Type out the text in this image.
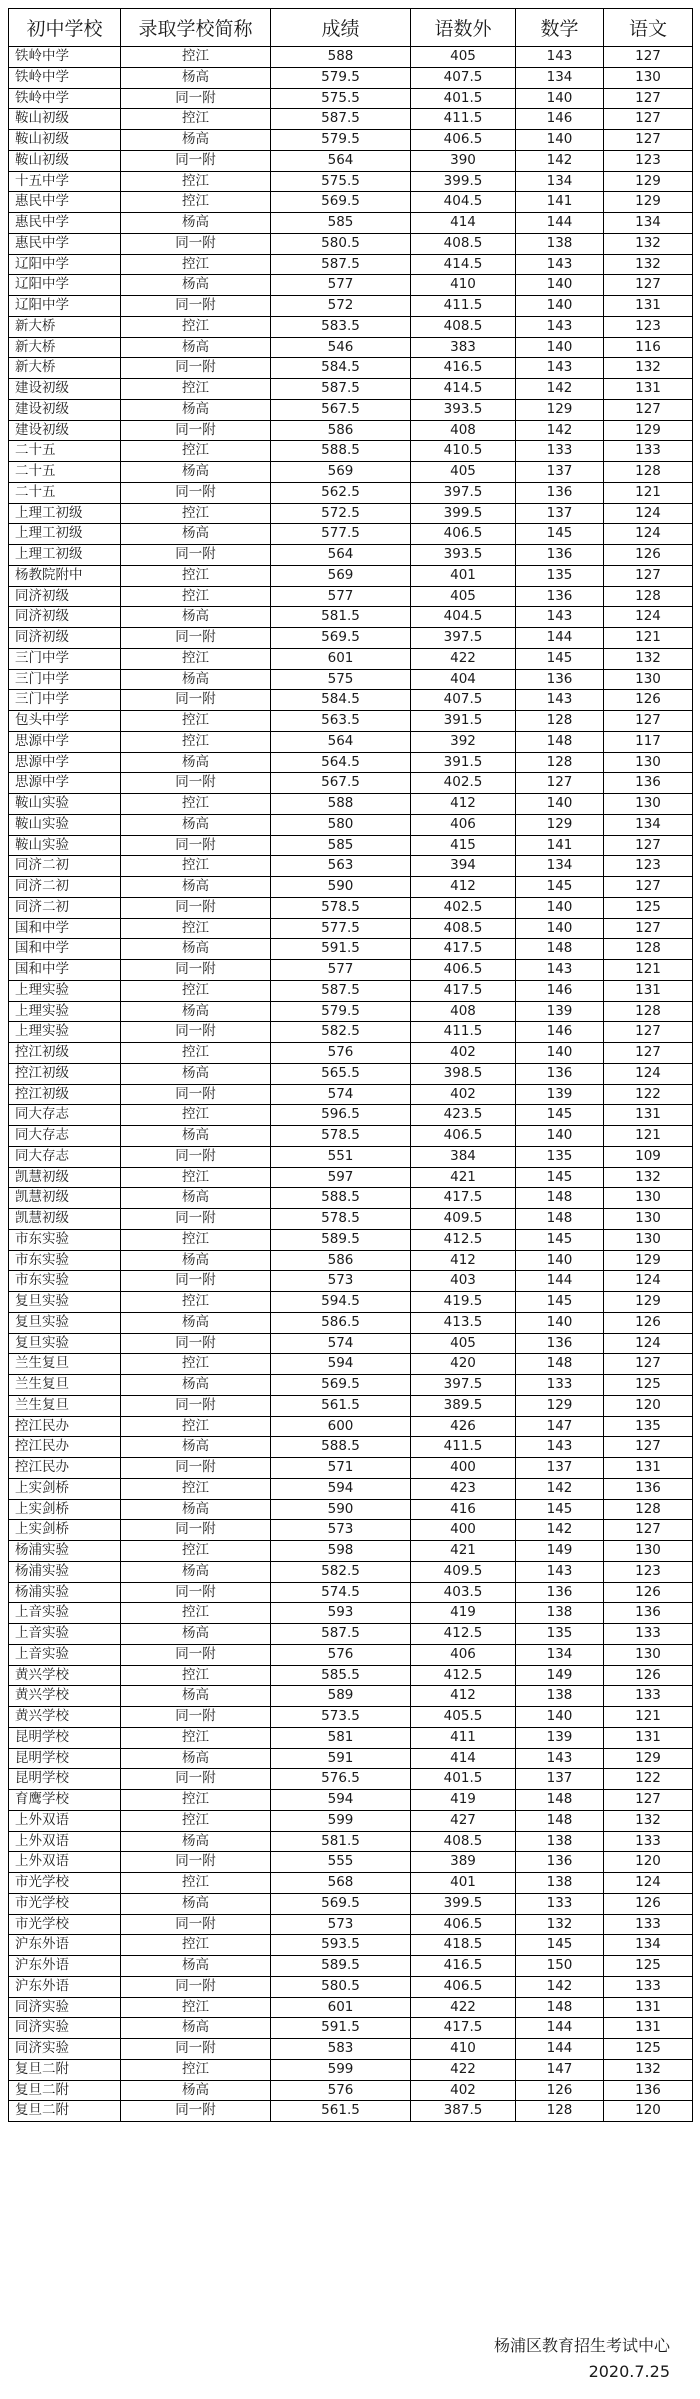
初中学校	录取学校简称	成绩	语数外	数学	语文
铁岭中学	控江	588	405	143	127
铁岭中学	杨高	579.5	407.5	134	130
铁岭中学	同一附	575.5	401.5	140	127
鞍山初级	控江	587.5	411.5	146	127
鞍山初级	杨高	579.5	406.5	140	127
鞍山初级	同一附	564	390	142	123
十五中学	控江	575.5	399.5	134	129
惠民中学	控江	569.5	404.5	141	129
惠民中学	杨高	585	414	144	134
惠民中学	同一附	580.5	408.5	138	132
辽阳中学	控江	587.5	414.5	143	132
辽阳中学	杨高	577	410	140	127
辽阳中学	同一附	572	411.5	140	131
新大桥	控江	583.5	408.5	143	123
新大桥	杨高	546	383	140	116
新大桥	同一附	584.5	416.5	143	132
建设初级	控江	587.5	414.5	142	131
建设初级	杨高	567.5	393.5	129	127
建设初级	同一附	586	408	142	129
二十五	控江	588.5	410.5	133	133
二十五	杨高	569	405	137	128
二十五	同一附	562.5	397.5	136	121
上理工初级	控江	572.5	399.5	137	124
上理工初级	杨高	577.5	406.5	145	124
上理工初级	同一附	564	393.5	136	126
杨教院附中	控江	569	401	135	127
同济初级	控江	577	405	136	128
同济初级	杨高	581.5	404.5	143	124
同济初级	同一附	569.5	397.5	144	121
三门中学	控江	601	422	145	132
三门中学	杨高	575	404	136	130
三门中学	同一附	584.5	407.5	143	126
包头中学	控江	563.5	391.5	128	127
思源中学	控江	564	392	148	117
思源中学	杨高	564.5	391.5	128	130
思源中学	同一附	567.5	402.5	127	136
鞍山实验	控江	588	412	140	130
鞍山实验	杨高	580	406	129	134
鞍山实验	同一附	585	415	141	127
同济二初	控江	563	394	134	123
同济二初	杨高	590	412	145	127
同济二初	同一附	578.5	402.5	140	125
国和中学	控江	577.5	408.5	140	127
国和中学	杨高	591.5	417.5	148	128
国和中学	同一附	577	406.5	143	121
上理实验	控江	587.5	417.5	146	131
上理实验	杨高	579.5	408	139	128
上理实验	同一附	582.5	411.5	146	127
控江初级	控江	576	402	140	127
控江初级	杨高	565.5	398.5	136	124
控江初级	同一附	574	402	139	122
同大存志	控江	596.5	423.5	145	131
同大存志	杨高	578.5	406.5	140	121
同大存志	同一附	551	384	135	109
凯慧初级	控江	597	421	145	132
凯慧初级	杨高	588.5	417.5	148	130
凯慧初级	同一附	578.5	409.5	148	130
市东实验	控江	589.5	412.5	145	130
市东实验	杨高	586	412	140	129
市东实验	同一附	573	403	144	124
复旦实验	控江	594.5	419.5	145	129
复旦实验	杨高	586.5	413.5	140	126
复旦实验	同一附	574	405	136	124
兰生复旦	控江	594	420	148	127
兰生复旦	杨高	569.5	397.5	133	125
兰生复旦	同一附	561.5	389.5	129	120
控江民办	控江	600	426	147	135
控江民办	杨高	588.5	411.5	143	127
控江民办	同一附	571	400	137	131
上实剑桥	控江	594	423	142	136
上实剑桥	杨高	590	416	145	128
上实剑桥	同一附	573	400	142	127
杨浦实验	控江	598	421	149	130
杨浦实验	杨高	582.5	409.5	143	123
杨浦实验	同一附	574.5	403.5	136	126
上音实验	控江	593	419	138	136
上音实验	杨高	587.5	412.5	135	133
上音实验	同一附	576	406	134	130
黄兴学校	控江	585.5	412.5	149	126
黄兴学校	杨高	589	412	138	133
黄兴学校	同一附	573.5	405.5	140	121
昆明学校	控江	581	411	139	131
昆明学校	杨高	591	414	143	129
昆明学校	同一附	576.5	401.5	137	122
育鹰学校	控江	594	419	148	127
上外双语	控江	599	427	148	132
上外双语	杨高	581.5	408.5	138	133
上外双语	同一附	555	389	136	120
市光学校	控江	568	401	138	124
市光学校	杨高	569.5	399.5	133	126
市光学校	同一附	573	406.5	132	133
沪东外语	控江	593.5	418.5	145	134
沪东外语	杨高	589.5	416.5	150	125
沪东外语	同一附	580.5	406.5	142	133
同济实验	控江	601	422	148	131
同济实验	杨高	591.5	417.5	144	131
同济实验	同一附	583	410	144	125
复旦二附	控江	599	422	147	132
复旦二附	杨高	576	402	126	136
复旦二附	同一附	561.5	387.5	128	120
杨浦区教育招生考试中心
2020.7.25
